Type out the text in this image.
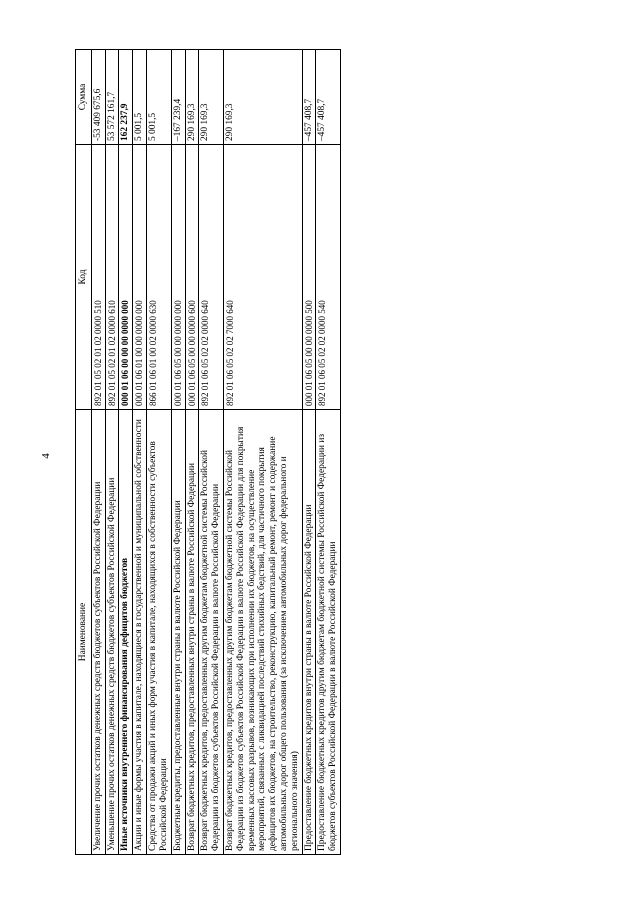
4
Наименование	Код	Сумма
Увеличение прочих остатков денежных средств бюджетов субъектов Российской Федерации	892 01 05 02 01 02 0000 510	-53 409 675,6
Уменьшение прочих остатков денежных средств бюджетов субъектов Российской Федерации	892 01 05 02 01 02 0000 610	53 572 161,7
Иные источники внутреннего финансирования дефицитов бюджетов	000 01 06 00 00 00 0000 000	162 237,9
Акции и иные формы участия в капитале, находящиеся в государственной и муниципальной собственности	000 01 06 01 00 00 0000 000	5 001,5
Средства от продажи акций и иных форм участия в капитале, находящихся в собственности субъектов Российской Федерации	866 01 06 01 00 02 0000 630	5 001,5
Бюджетные кредиты, предоставленные внутри страны в валюте Российской Федерации	000 01 06 05 00 00 0000 000	–167 239,4
Возврат бюджетных кредитов, предоставленных внутри страны в валюте Российской Федерации	000 01 06 05 00 00 0000 600	290 169,3
Возврат бюджетных кредитов, предоставленных другим бюджетам бюджетной системы Российской Федерации из бюджетов субъектов Российской Федерации в валюте Российской Федерации	892 01 06 05 02 02 0000 640	290 169,3
Возврат бюджетных кредитов, предоставленных другим бюджетам бюджетной системы Российской Федерации из бюджетов субъектов Российской Федерации в валюте Российской Федерации для покрытия временных кассовых разрывов, возникающих при исполнении их бюджетов, на осуществление мероприятий, связанных с ликвидацией последствий стихийных бедствий, для частичного покрытия дефицитов их бюджетов, на строительство, реконструкцию, капитальный ремонт, ремонт и содержание автомобильных дорог общего пользования (за исключением автомобильных дорог федерального и регионального значения)	892 01 06 05 02 02 7000 640	290 169,3
Предоставление бюджетных кредитов внутри страны в валюте Российской Федерации	000 01 06 05 00 00 0000 500	–457 408,7
Предоставление бюджетных кредитов другим бюджетам бюджетной системы Российской Федерации из бюджетов субъектов Российской Федерации в валюте Российской Федерации	892 01 06 05 02 02 0000 540	–457 408,7
